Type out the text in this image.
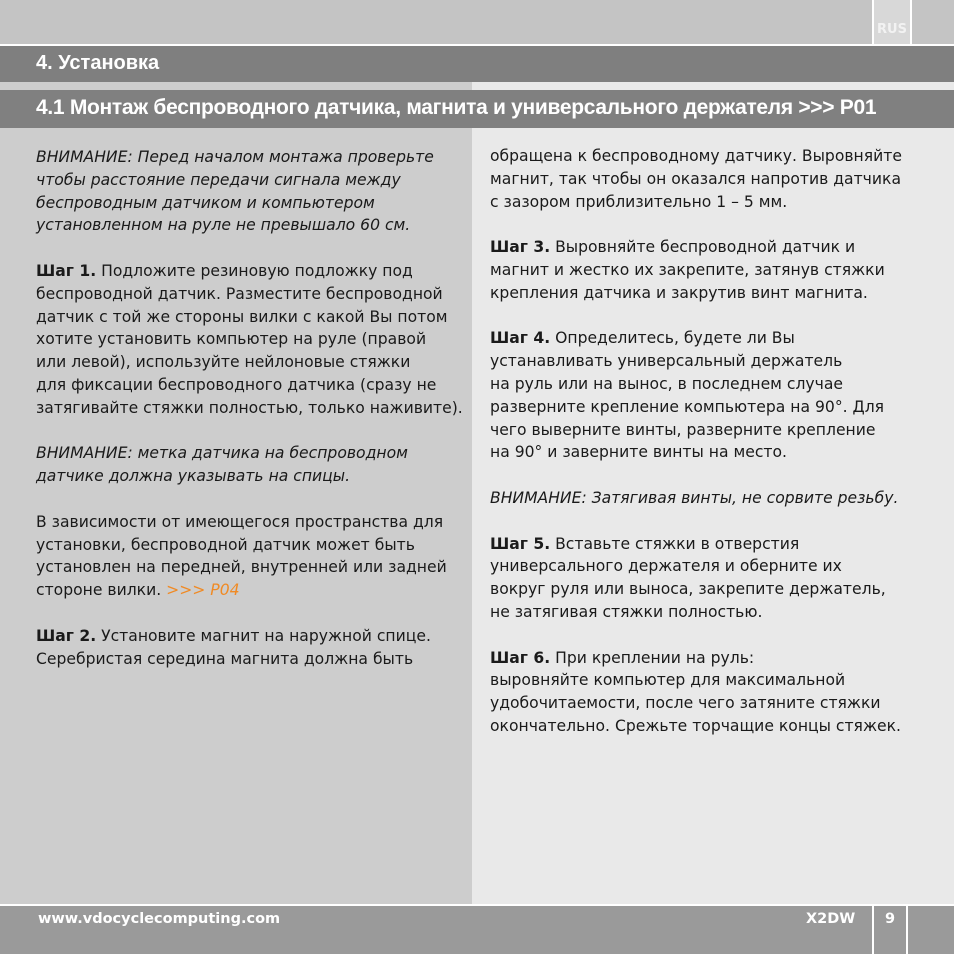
RUS
4. Установка
4.1 Монтаж беспроводного датчика, магнита и универсального держателя >>> P01

ВНИМАНИЕ: Перед началом монтажа проверьте
чтобы расстояние передачи сигнала между
беспроводным датчиком и компьютером
установленном на руле не превышало 60 см.

Шаг 1. Подложите резиновую подложку под
беспроводной датчик. Разместите беспроводной
датчик с той же стороны вилки с какой Вы потом
хотите установить компьютер на руле (правой
или левой), используйте нейлоновые стяжки
для фиксации беспроводного датчика (сразу не
затягивайте стяжки полностью, только наживите).

ВНИМАНИЕ: метка датчика на беспроводном
датчике должна указывать на спицы.

В зависимости от имеющегося пространства для
установки, беспроводной датчик может быть
установлен на передней, внутренней или задней
стороне вилки. >>> P04

Шаг 2. Установите магнит на наружной спице.
Серебристая середина магнита должна быть

обращена к беспроводному датчику. Выровняйте
магнит, так чтобы он оказался напротив датчика
с зазором приблизительно 1 – 5 мм.

Шаг 3. Выровняйте беспроводной датчик и
магнит и жестко их закрепите, затянув стяжки
крепления датчика и закрутив винт магнита.

Шаг 4. Определитесь, будете ли Вы
устанавливать универсальный держатель
на руль или на вынос, в последнем случае
разверните крепление компьютера на 90°. Для
чего выверните винты, разверните крепление
на 90° и заверните винты на место.

ВНИМАНИЕ: Затягивая винты, не сорвите резьбу.

Шаг 5. Вставьте стяжки в отверстия
универсального держателя и оберните их
вокруг руля или выноса, закрепите держатель,
не затягивая стяжки полностью.

Шаг 6. При креплении на руль:
выровняйте компьютер для максимальной
удобочитаемости, после чего затяните стяжки
окончательно. Срежьте торчащие концы стяжек.

www.vdocyclecomputing.com	X2DW	9
